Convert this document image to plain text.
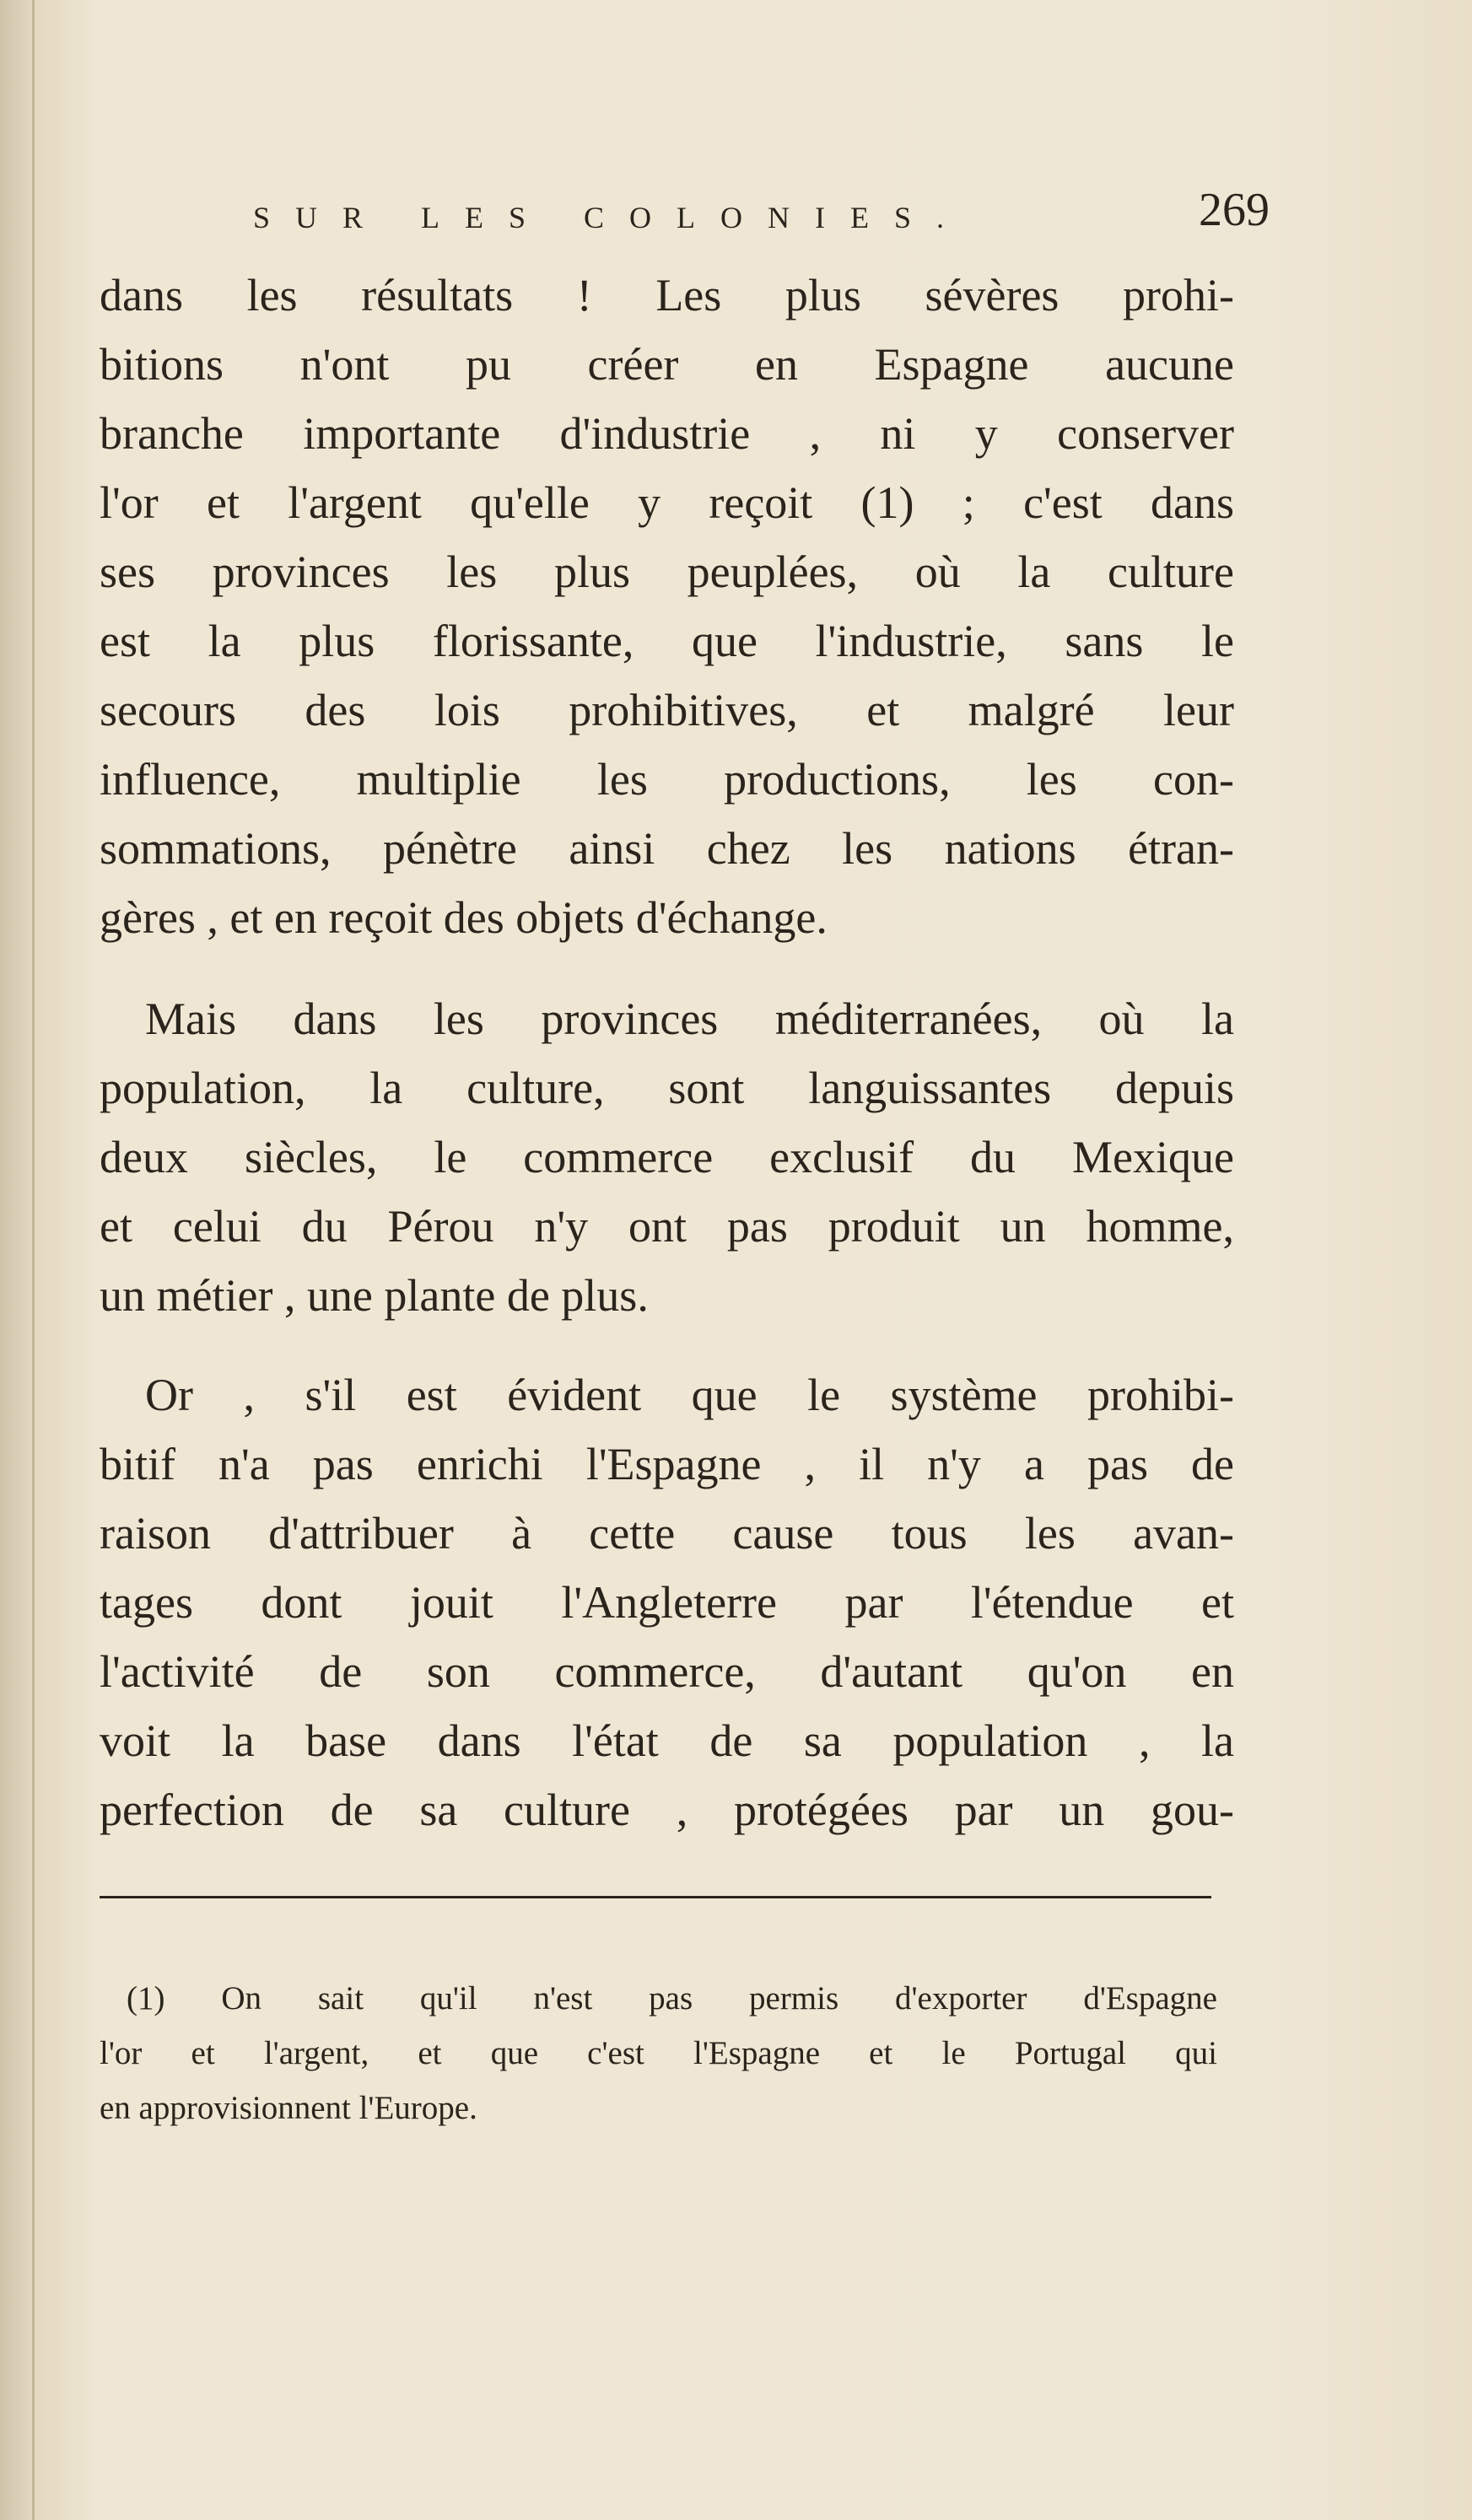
SUR LES COLONIES.	269
dans les résultats ! Les plus sévères prohi-
bitions n'ont pu créer en Espagne aucune
branche importante d'industrie , ni y conserver
l'or et l'argent qu'elle y reçoit (1) ; c'est dans
ses provinces les plus peuplées, où la culture
est la plus florissante, que l'industrie, sans le
secours des lois prohibitives, et malgré leur
influence, multiplie les productions, les con-
sommations, pénètre ainsi chez les nations étran-
gères , et en reçoit des objets d'échange.
Mais dans les provinces méditerranées, où la
population, la culture, sont languissantes depuis
deux siècles, le commerce exclusif du Mexique
et celui du Pérou n'y ont pas produit un homme,
un métier , une plante de plus.
Or , s'il est évident que le système prohibi-
bitif n'a pas enrichi l'Espagne , il n'y a pas de
raison d'attribuer à cette cause tous les avan-
tages dont jouit l'Angleterre par l'étendue et
l'activité de son commerce, d'autant qu'on en
voit la base dans l'état de sa population , la
perfection de sa culture , protégées par un gou-
(1) On sait qu'il n'est pas permis d'exporter d'Espagne
l'or et l'argent, et que c'est l'Espagne et le Portugal qui
en approvisionnent l'Europe.
